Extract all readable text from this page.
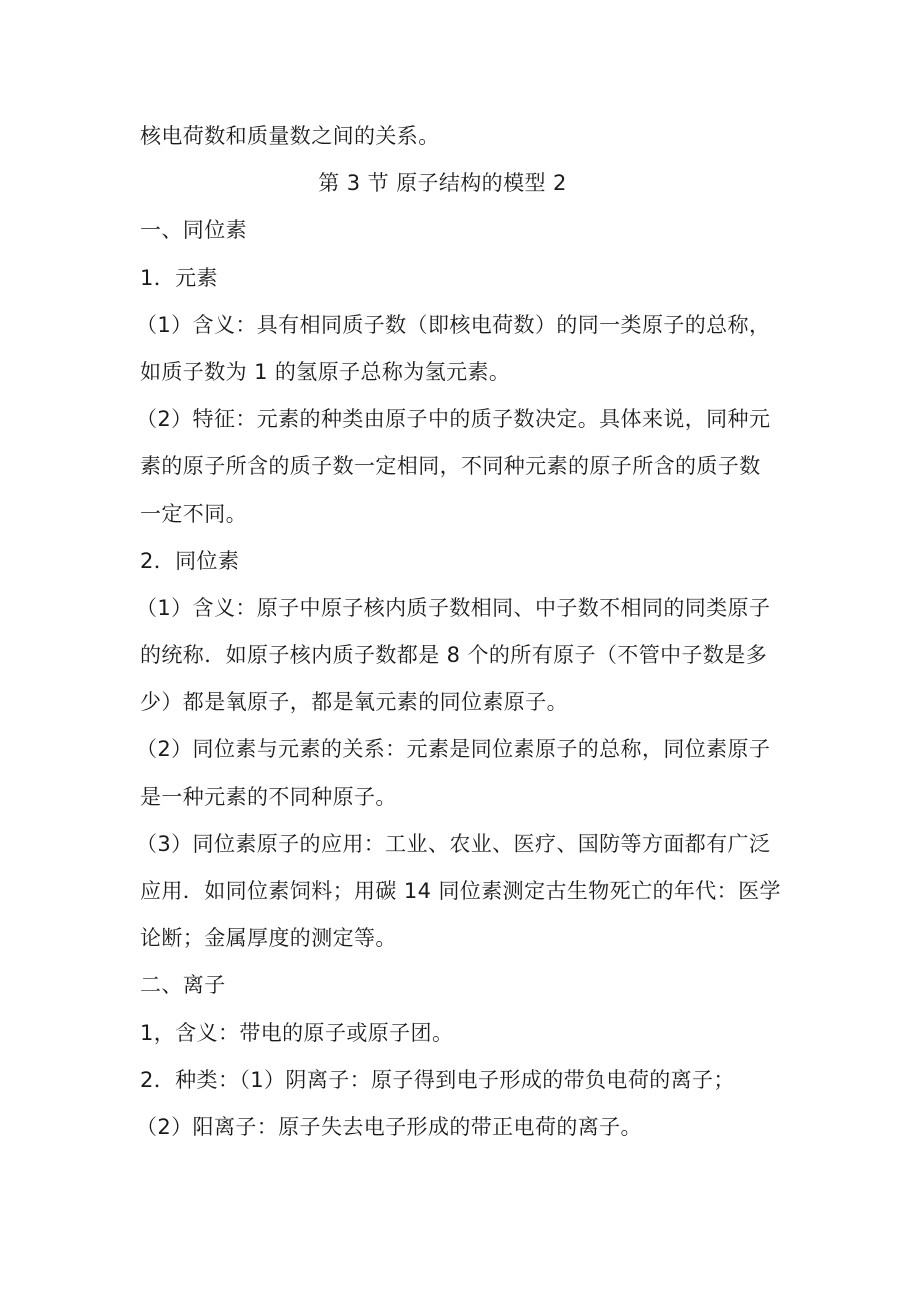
核电荷数和质量数之间的关系。
第 3 节 原子结构的模型 2
一、同位素
1．元素
（1）含义：具有相同质子数（即核电荷数）的同一类原子的总称，
如质子数为 1 的氢原子总称为氢元素。
（2）特征：元素的种类由原子中的质子数决定。具体来说，同种元
素的原子所含的质子数一定相同，不同种元素的原子所含的质子数
一定不同。
2．同位素
（1）含义：原子中原子核内质子数相同、中子数不相同的同类原子
的统称．如原子核内质子数都是 8 个的所有原子（不管中子数是多
少）都是氧原子，都是氧元素的同位素原子。
（2）同位素与元素的关系：元素是同位素原子的总称，同位素原子
是一种元素的不同种原子。
（3）同位素原子的应用：工业、农业、医疗、国防等方面都有广泛
应用．如同位素饲料；用碳 14 同位素测定古生物死亡的年代：医学
论断；金属厚度的测定等。
二、离子
1，含义：带电的原子或原子团。
2．种类：（1）阴离子：原子得到电子形成的带负电荷的离子；
（2）阳离子：原子失去电子形成的带正电荷的离子。
